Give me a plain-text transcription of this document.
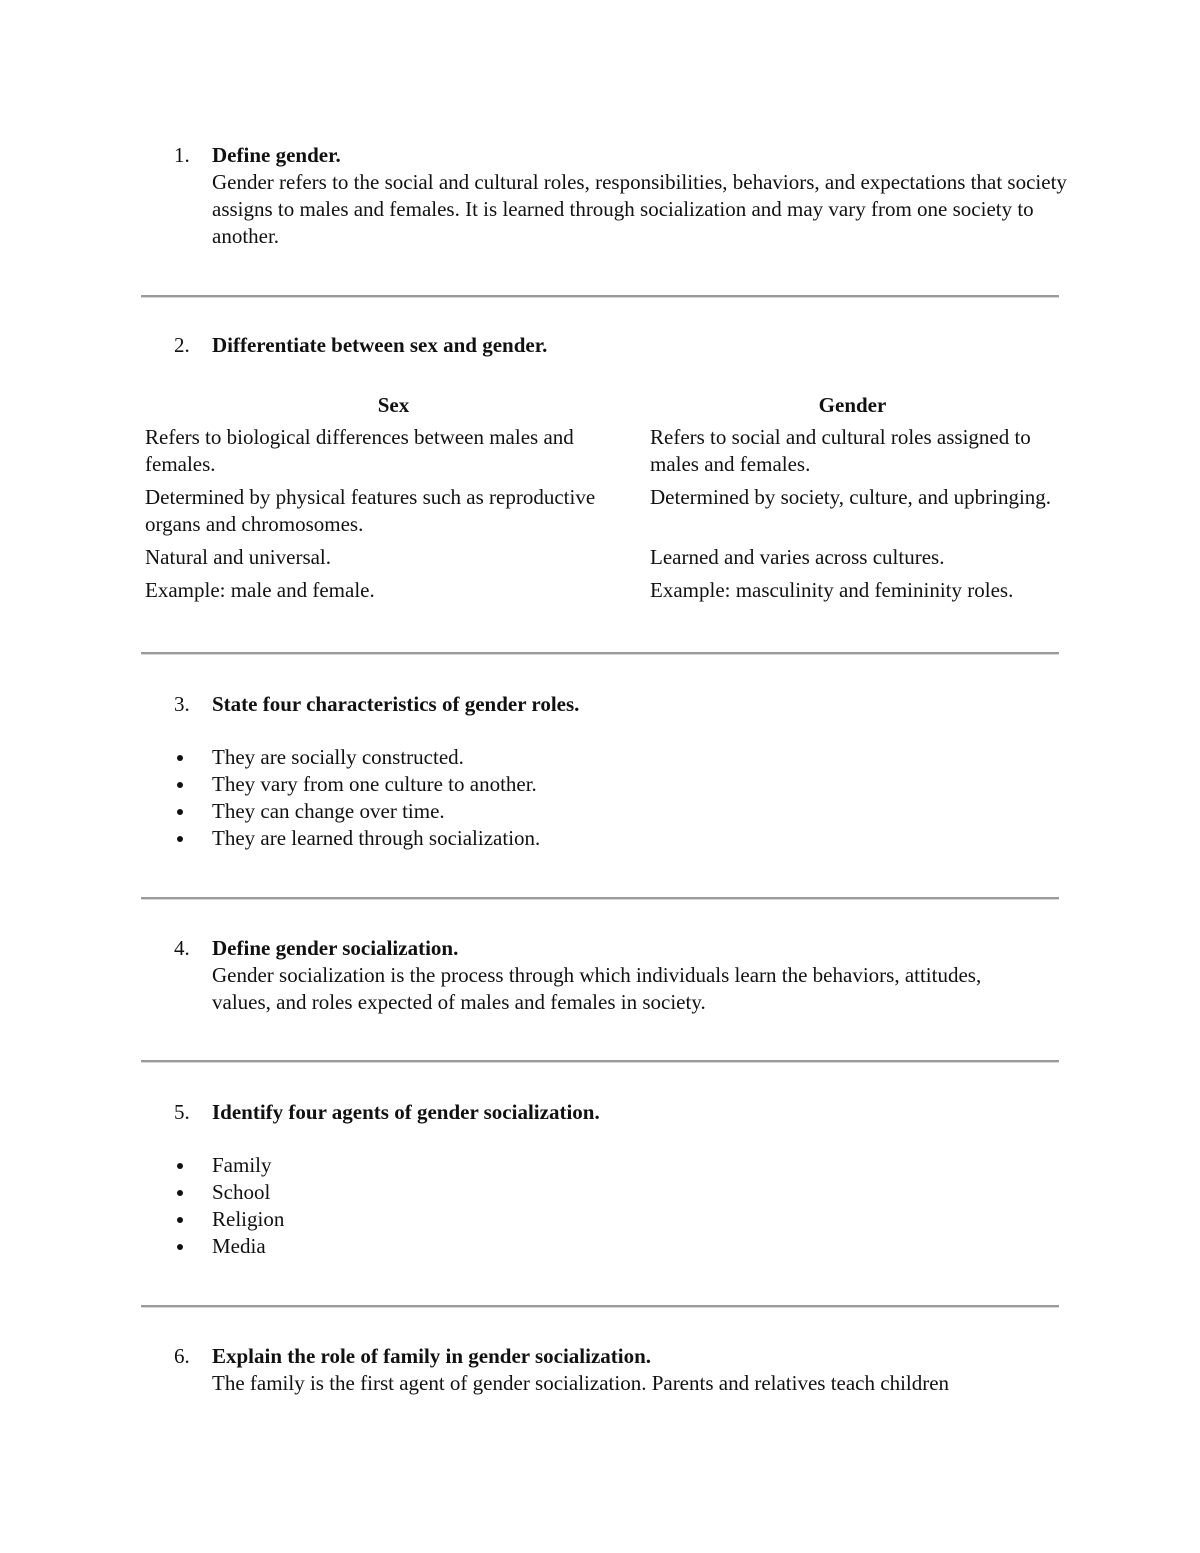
1.	Define gender.
Gender refers to the social and cultural roles, responsibilities, behaviors, and expectations that society assigns to males and females. It is learned through socialization and may vary from one society to another.
2.	Differentiate between sex and gender.
Sex	Gender
Refers to biological differences between males and females.	Refers to social and cultural roles assigned to males and females.
Determined by physical features such as reproductive organs and chromosomes.	Determined by society, culture, and upbringing.
Natural and universal.	Learned and varies across cultures.
Example: male and female.	Example: masculinity and femininity roles.
3.	State four characteristics of gender roles.
They are socially constructed.
They vary from one culture to another.
They can change over time.
They are learned through socialization.
4.	Define gender socialization.
Gender socialization is the process through which individuals learn the behaviors, attitudes, values, and roles expected of males and females in society.
5.	Identify four agents of gender socialization.
Family
School
Religion
Media
6.	Explain the role of family in gender socialization.
The family is the first agent of gender socialization. Parents and relatives teach children
